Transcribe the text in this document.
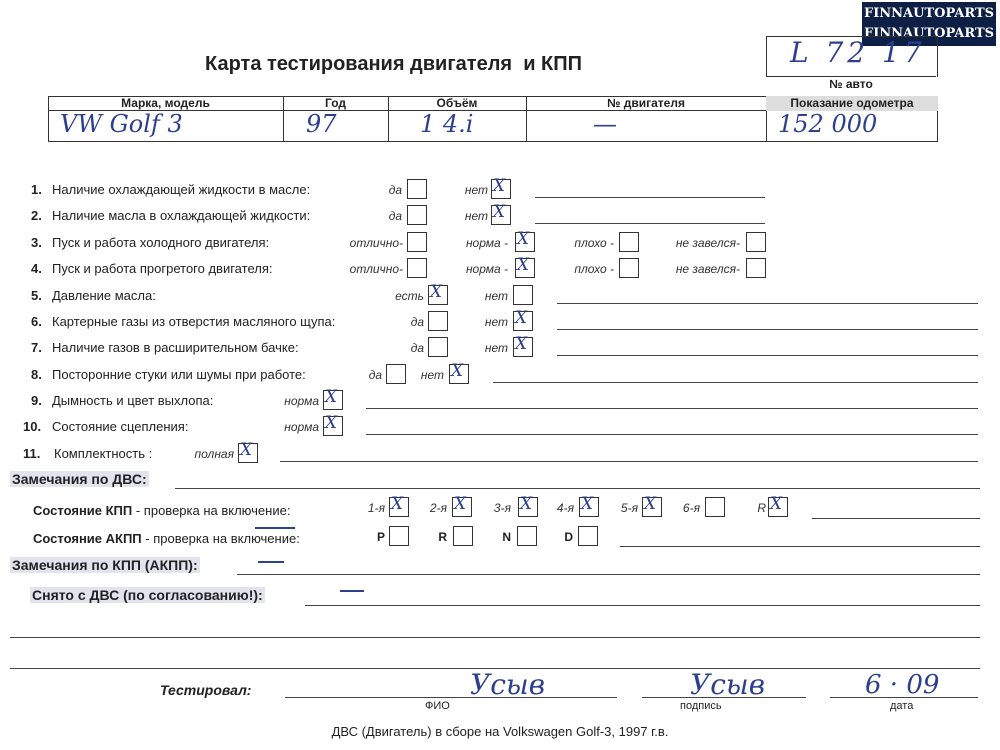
FINNAUTOPARTS
FINNAUTOPARTS
Карта тестирования двигателя  и КПП	L 72 17
№ авто
Марка, модель	Год	Объём	№ двигателя	Показание одометра
VW Golf 3	97	1 4.i	—	152 000
1. Наличие охлаждающей жидкости в масле:	да	нет X
2. Наличие масла в охлаждающей жидкости:	да	нет X
3. Пуск и работа холодного двигателя:	отлично-	норма - X	плохо -	не завелся-
4. Пуск и работа прогретого двигателя:	отлично-	норма - X	плохо -	не завелся-
5. Давление масла:	есть X	нет
6. Картерные газы из отверстия масляного щупа:	да	нет X
7. Наличие газов в расширительном бачке:	да	нет X
8. Посторонние стуки или шумы при работе:	да	нет X
9. Дымность и цвет выхлопа:	норма X
10. Состояние сцепления:	норма X
11. Комплектность :	полная X
Замечания по ДВС:
Состояние КПП - проверка на включение:	1-я X 2-я X 3-я X 4-я X 5-я X 6-я	R X
Состояние АКПП - проверка на включение:	P	R	N	D
Замечания по КПП (АКПП):
Снято с ДВС (по согласованию!):
Тестировал:	Усыв	Усыв	6 · 09
ФИО	подпись	дата
ДВС (Двигатель) в сборе на Volkswagen Golf-3, 1997 г.в.
